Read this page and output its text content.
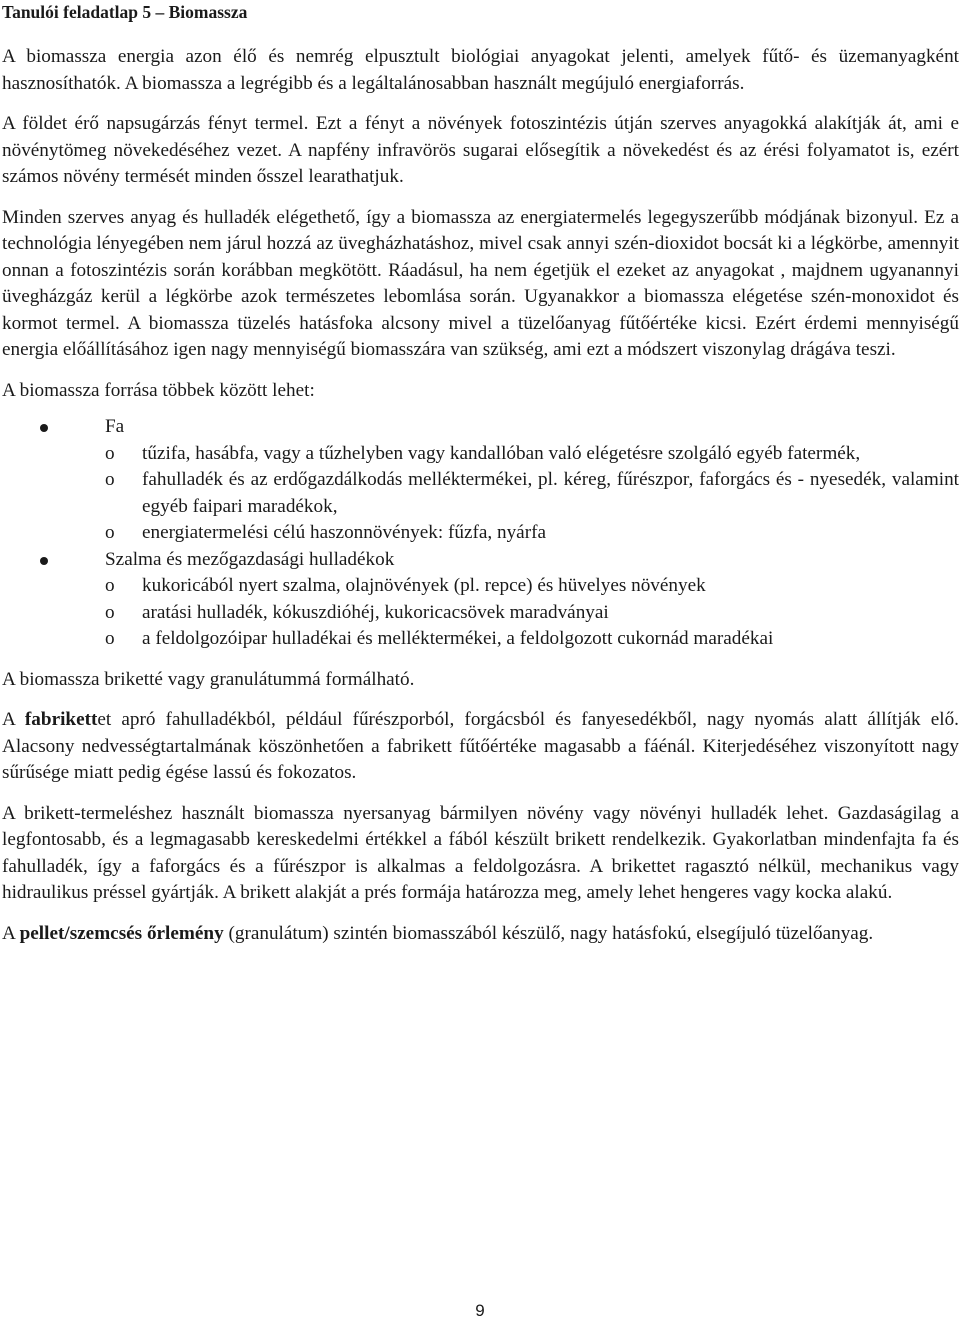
Tanulói feladatlap 5 – Biomassza

A biomassza energia azon élő és nemrég elpusztult biológiai anyagokat jelenti, amelyek fűtő- és üzemanyagként hasznosíthatók. A biomassza a legrégibb és a legáltalánosabban használt megújuló energiaforrás.

A földet érő napsugárzás fényt termel. Ezt a fényt a növények fotoszintézis útján szerves anyagokká alakítják át, ami e növénytömeg növekedéséhez vezet. A napfény infravörös sugarai elősegítik a növekedést és az érési folyamatot is, ezért számos növény termését minden ősszel learathatjuk.

Minden szerves anyag és hulladék elégethető, így a biomassza az energiatermelés legegyszerűbb módjának bizonyul. Ez a technológia lényegében nem járul hozzá az üvegházhatáshoz, mivel csak annyi szén-dioxidot bocsát ki a légkörbe, amennyit onnan a fotoszintézis során korábban megkötött. Ráadásul, ha nem égetjük el ezeket az anyagokat , majdnem ugyanannyi üvegházgáz kerül a légkörbe azok természetes lebomlása során. Ugyanakkor a biomassza elégetése szén-monoxidot és kormot termel. A biomassza tüzelés hatásfoka alcsony mivel a tüzelőanyag fűtőértéke kicsi. Ezért érdemi mennyiségű energia előállításához igen nagy mennyiségű biomasszára van szükség, ami ezt a módszert viszonylag drágáva teszi.

A biomassza forrása többek között lehet:

Fa
o tűzifa, hasábfa, vagy a tűzhelyben vagy kandallóban való elégetésre szolgáló egyéb fatermék,
o fahulladék és az erdőgazdálkodás melléktermékei, pl. kéreg, fűrészpor, faforgács és - nyesedék, valamint egyéb faipari maradékok,
o energiatermelési célú haszonnövények: fűzfa, nyárfa
Szalma és mezőgazdasági hulladékok
o kukoricából nyert szalma, olajnövények (pl. repce) és hüvelyes növények
o aratási hulladék, kókuszdióhéj, kukoricacsövek maradványai
o a feldolgozóipar hulladékai és melléktermékei, a feldolgozott cukornád maradékai

A biomassza briketté vagy granulátummá formálható.

A fabrikettet apró fahulladékból, például fűrészporból, forgácsból és fanyesedékből, nagy nyomás alatt állítják elő. Alacsony nedvességtartalmának köszönhetően a fabrikett fűtőértéke magasabb a fáénál. Kiterjedéséhez viszonyított nagy sűrűsége miatt pedig égése lassú és fokozatos.

A brikett-termeléshez használt biomassza nyersanyag bármilyen növény vagy növényi hulladék lehet. Gazdaságilag a legfontosabb, és a legmagasabb kereskedelmi értékkel a fából készült brikett rendelkezik. Gyakorlatban mindenfajta fa és fahulladék, így a faforgács és a fűrészpor is alkalmas a feldolgozásra. A brikettet ragasztó nélkül, mechanikus vagy hidraulikus préssel gyártják. A brikett alakját a prés formája határozza meg, amely lehet hengeres vagy kocka alakú.

A pellet/szemcsés őrlemény (granulátum) szintén biomasszából készülő, nagy hatásfokú, elsegíjuló tüzelőanyag.

9
